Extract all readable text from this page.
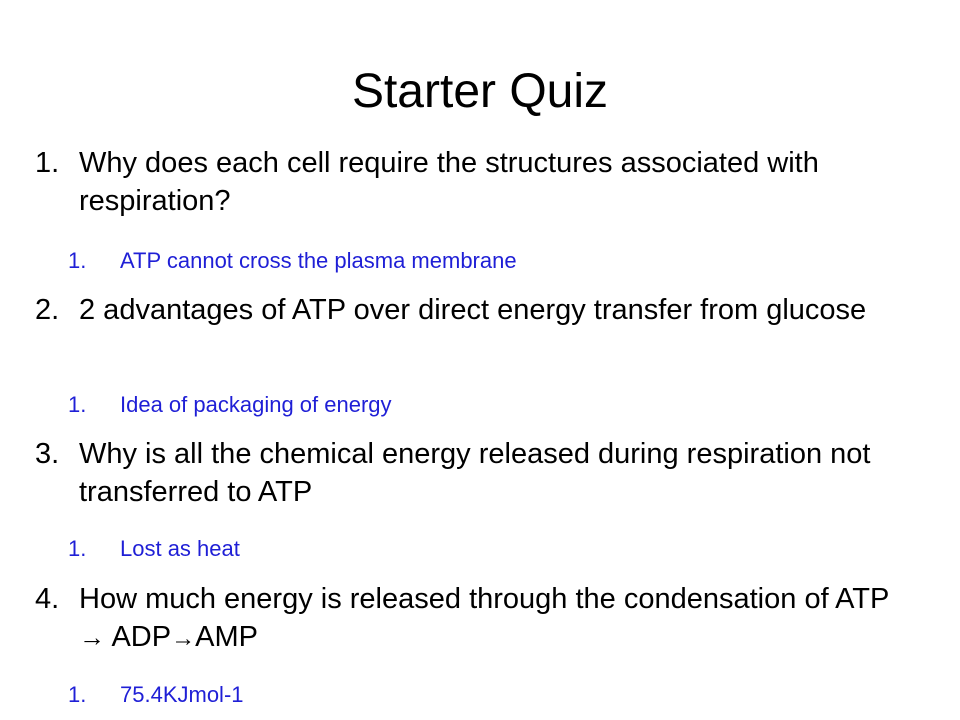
Starter Quiz
1. Why does each cell require the structures associated with respiration?
1. ATP cannot cross the plasma membrane
2. 2 advantages of ATP over direct energy transfer from glucose
1. Idea of packaging of energy
3. Why is all the chemical energy released during respiration not transferred to ATP
1. Lost as heat
4. How much energy is released through the condensation of ATP → ADP→AMP
1. 75.4KJmol-1
